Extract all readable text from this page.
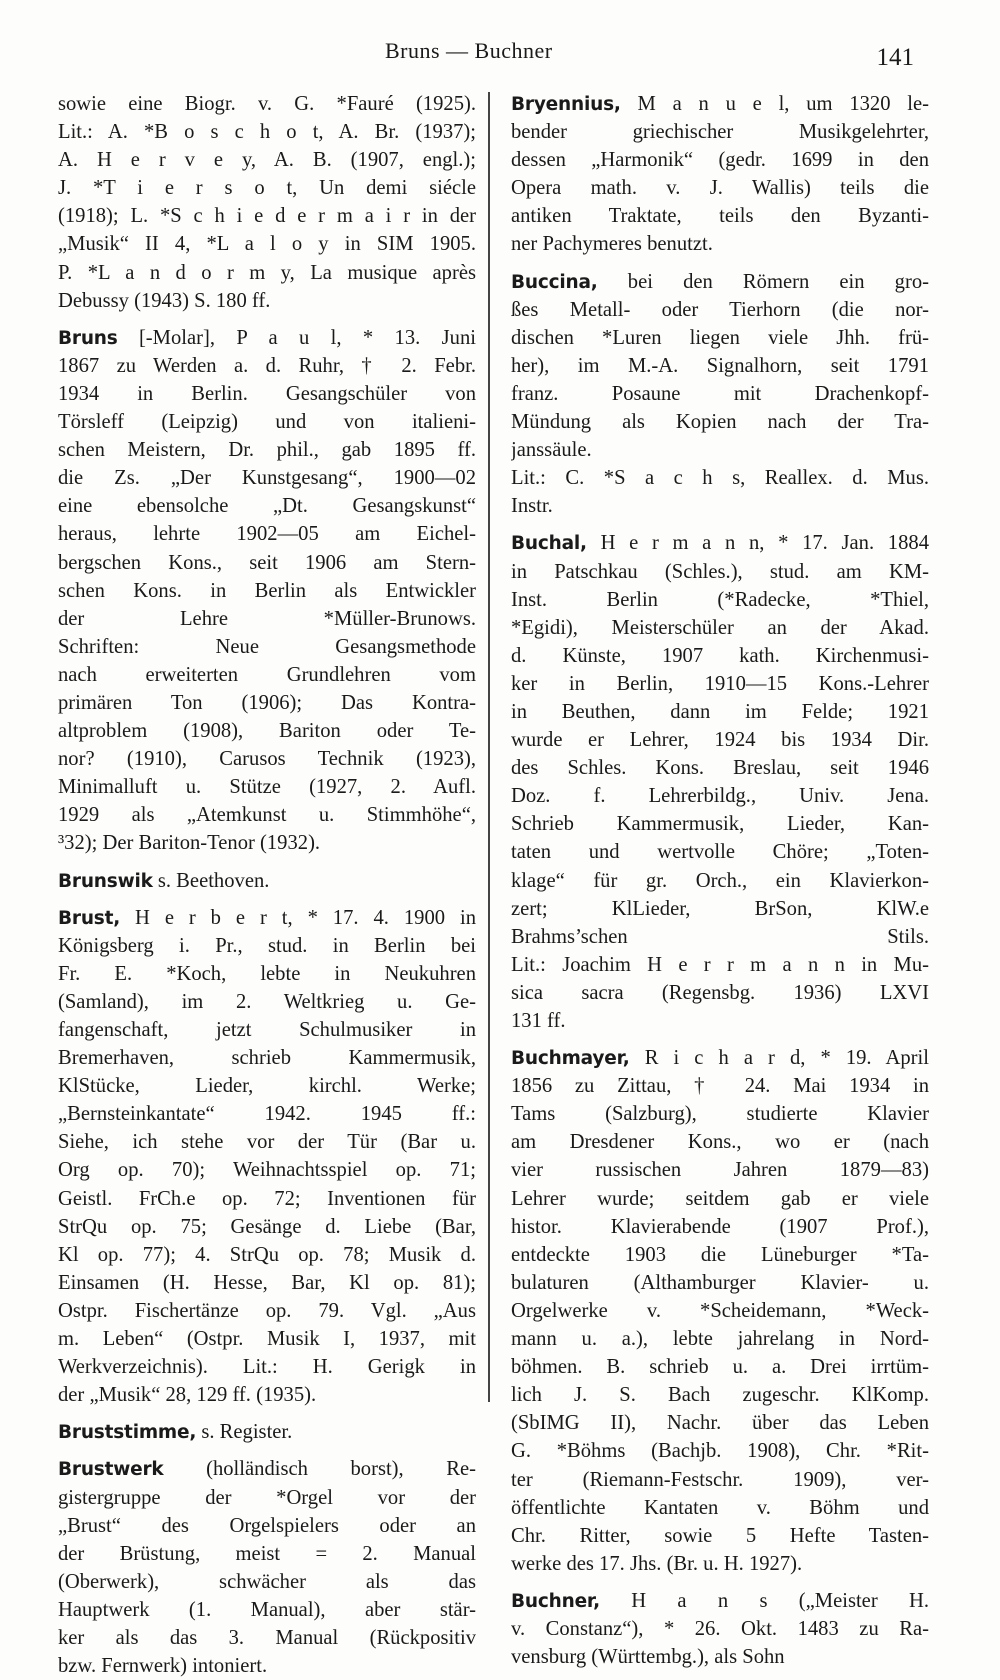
Bruns — Buchner	141
sowie eine Biogr. v. G. *Fauré (1925).
Lit.: A. *B o s c h o t, A. Br. (1937);
A. H e r v e y, A. B. (1907, engl.);
J. *T i e r s o t, Un demi siécle
(1918); L. *S c h i e d e r m a i r in der
„Musik“ II 4, *L a l o y in SIM 1905.
P. *L a n d o r m y, La musique après
Debussy (1943) S. 180 ff.
Bruns [-Molar], P a u l, * 13. Juni
1867 zu Werden a. d. Ruhr, † 2. Febr.
1934 in Berlin. Gesangschüler von
Törsleff (Leipzig) und von italieni-
schen Meistern, Dr. phil., gab 1895 ff.
die Zs. „Der Kunstgesang“, 1900—02
eine ebensolche „Dt. Gesangskunst“
heraus, lehrte 1902—05 am Eichel-
bergschen Kons., seit 1906 am Stern-
schen Kons. in Berlin als Entwickler
der Lehre *Müller-Brunows.
Schriften: Neue Gesangsmethode
nach erweiterten Grundlehren vom
primären Ton (1906); Das Kontra-
altproblem (1908), Bariton oder Te-
nor? (1910), Carusos Technik (1923),
Minimalluft u. Stütze (1927, 2. Aufl.
1929 als „Atemkunst u. Stimmhöhe“,
³32); Der Bariton-Tenor (1932).
Brunswik s. Beethoven.
Brust, H e r b e r t, * 17. 4. 1900 in
Königsberg i. Pr., stud. in Berlin bei
Fr. E. *Koch, lebte in Neukuhren
(Samland), im 2. Weltkrieg u. Ge-
fangenschaft, jetzt Schulmusiker in
Bremerhaven, schrieb Kammermusik,
KlStücke, Lieder, kirchl. Werke;
„Bernsteinkantate“ 1942. 1945 ff.:
Siehe, ich stehe vor der Tür (Bar u.
Org op. 70); Weihnachtsspiel op. 71;
Geistl. FrCh.e op. 72; Inventionen für
StrQu op. 75; Gesänge d. Liebe (Bar,
Kl op. 77); 4. StrQu op. 78; Musik d.
Einsamen (H. Hesse, Bar, Kl op. 81);
Ostpr. Fischertänze op. 79. Vgl. „Aus
m. Leben“ (Ostpr. Musik I, 1937, mit
Werkverzeichnis). Lit.: H. Gerigk in
der „Musik“ 28, 129 ff. (1935).
Bruststimme, s. Register.
Brustwerk (holländisch borst), Re-
gistergruppe der *Orgel vor der
„Brust“ des Orgelspielers oder an
der Brüstung, meist = 2. Manual
(Oberwerk), schwächer als das
Hauptwerk (1. Manual), aber stär-
ker als das 3. Manual (Rückpositiv
bzw. Fernwerk) intoniert.
Bryennius, M a n u e l, um 1320 le-
bender griechischer Musikgelehrter,
dessen „Harmonik“ (gedr. 1699 in den
Opera math. v. J. Wallis) teils die
antiken Traktate, teils den Byzanti-
ner Pachymeres benutzt.
Buccina, bei den Römern ein gro-
ßes Metall- oder Tierhorn (die nor-
dischen *Luren liegen viele Jhh. frü-
her), im M.-A. Signalhorn, seit 1791
franz. Posaune mit Drachenkopf-
Mündung als Kopien nach der Tra-
janssäule.
Lit.: C. *S a c h s, Reallex. d. Mus.
Instr.
Buchal, H e r m a n n, * 17. Jan. 1884
in Patschkau (Schles.), stud. am KM-
Inst. Berlin (*Radecke, *Thiel,
*Egidi), Meisterschüler an der Akad.
d. Künste, 1907 kath. Kirchenmusi-
ker in Berlin, 1910—15 Kons.-Lehrer
in Beuthen, dann im Felde; 1921
wurde er Lehrer, 1924 bis 1934 Dir.
des Schles. Kons. Breslau, seit 1946
Doz. f. Lehrerbildg., Univ. Jena.
Schrieb Kammermusik, Lieder, Kan-
taten und wertvolle Chöre; „Toten-
klage“ für gr. Orch., ein Klavierkon-
zert; KlLieder, BrSon, KlW.e
Brahms’schen Stils.
Lit.: Joachim H e r r m a n n in Mu-
sica sacra (Regensbg. 1936) LXVI
131 ff.
Buchmayer, R i c h a r d, * 19. April
1856 zu Zittau, † 24. Mai 1934 in
Tams (Salzburg), studierte Klavier
am Dresdener Kons., wo er (nach
vier russischen Jahren 1879—83)
Lehrer wurde; seitdem gab er viele
histor. Klavierabende (1907 Prof.),
entdeckte 1903 die Lüneburger *Ta-
bulaturen (Althamburger Klavier- u.
Orgelwerke v. *Scheidemann, *Weck-
mann u. a.), lebte jahrelang in Nord-
böhmen. B. schrieb u. a. Drei irrtüm-
lich J. S. Bach zugeschr. KlKomp.
(SbIMG II), Nachr. über das Leben
G. *Böhms (Bachjb. 1908), Chr. *Rit-
ter (Riemann-Festschr. 1909), ver-
öffentlichte Kantaten v. Böhm und
Chr. Ritter, sowie 5 Hefte Tasten-
werke des 17. Jhs. (Br. u. H. 1927).
Buchner, H a n s („Meister H.
v. Constanz“), * 26. Okt. 1483 zu Ra-
vensburg (Württembg.), als Sohn
